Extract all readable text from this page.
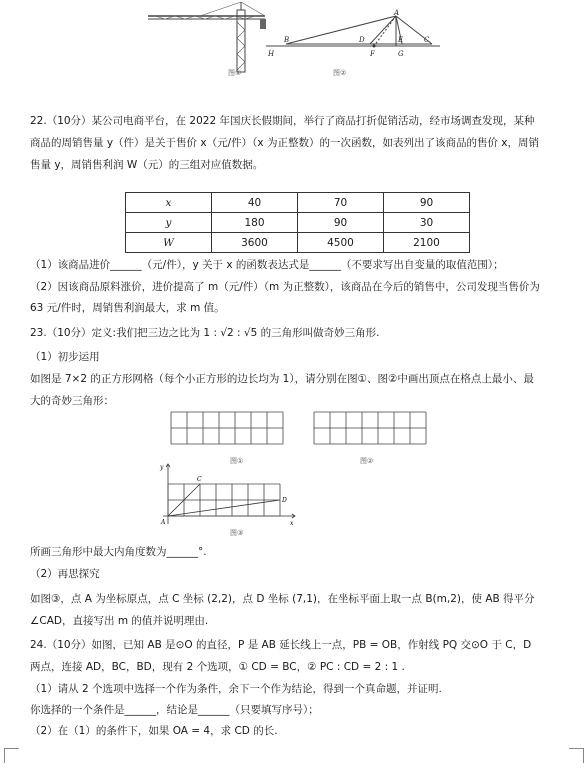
图①
A
B	C
D	E
F	G
H
图②
22.（10分）某公司电商平台，在 2022 年国庆长假期间，举行了商品打折促销活动，经市场调查发现，某种
商品的周销售量 y（件）是关于售价 x（元/件）（x 为正整数）的一次函数，如表列出了该商品的售价 x，周销
售量 y，周销售利润 W（元）的三组对应值数据。
x	40	70	90
y	180	90	30
W	3600	4500	2100
（1）该商品进价______（元/件），y 关于 x 的函数表达式是______（不要求写出自变量的取值范围）；
（2）因该商品原料涨价，进价提高了 m（元/件）（m 为正整数），该商品在今后的销售中，公司发现当售价为
63 元/件时，周销售利润最大，求 m 值。
23.（10分）定义:我们把三边之比为 1 : √2 : √5 的三角形叫做奇妙三角形.
（1）初步运用
如图是 7×2 的正方形网格（每个小正方形的边长均为 1），请分别在图①、图②中画出顶点在格点上最小、最
大的奇妙三角形：
图①	图②
y
C
D
A	x
图③
所画三角形中最大内角度数为______°.
（2）再思探究
如图③，点 A 为坐标原点，点 C 坐标 (2,2)，点 D 坐标 (7,1)，在坐标平面上取一点 B(m,2)，使 AB 得平分
∠CAD，直接写出 m 的值并说明理由.
24.（10分）如图，已知 AB 是⊙O 的直径，P 是 AB 延长线上一点，PB = OB，作射线 PQ 交⊙O 于 C，D
两点，连接 AD，BC，BD，现有 2 个选项，① CD = BC，② PC : CD = 2 : 1 .
（1）请从 2 个选项中选择一个作为条件，余下一个作为结论，得到一个真命题，并证明.
你选择的一个条件是______，结论是______（只要填写序号）；
（2）在（1）的条件下，如果 OA = 4，求 CD 的长.
